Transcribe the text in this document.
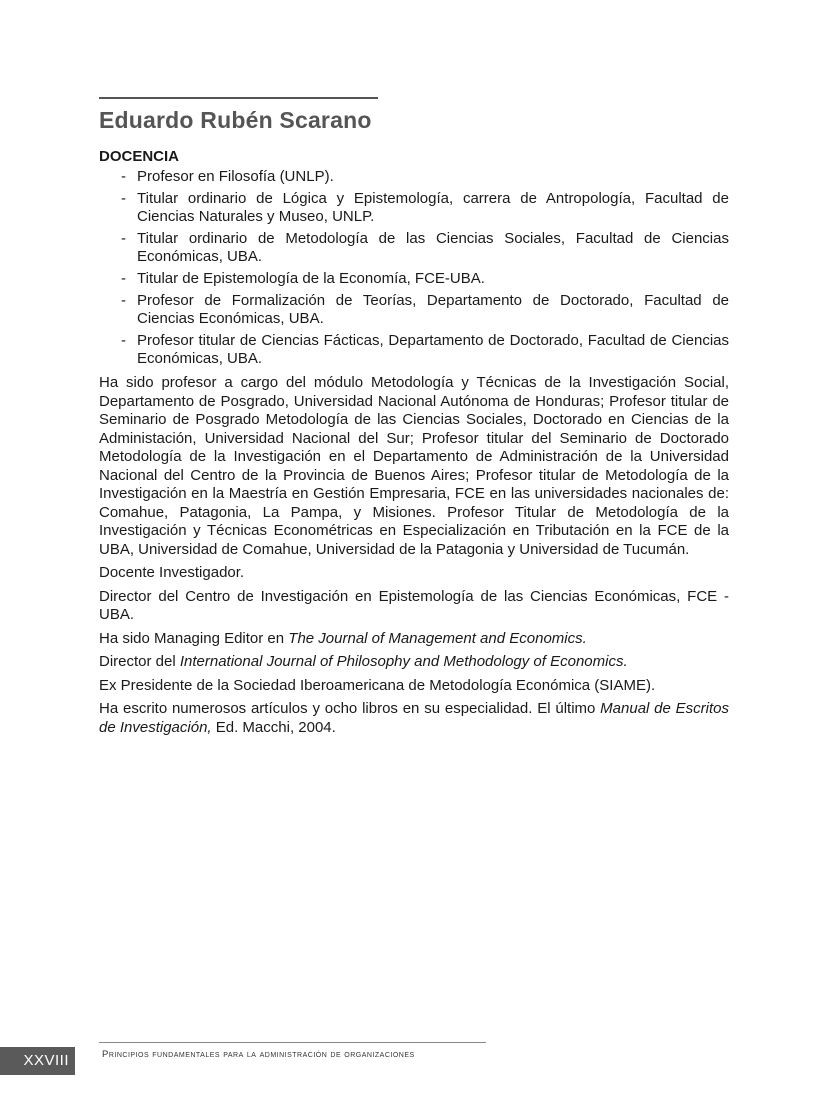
Eduardo Rubén Scarano
DOCENCIA
- Profesor en Filosofía (UNLP).
- Titular ordinario de Lógica y Epistemología, carrera de Antropología, Facultad de Ciencias Naturales y Museo, UNLP.
- Titular ordinario de Metodología de las Ciencias Sociales, Facultad de Ciencias Económicas, UBA.
- Titular de Epistemología de la Economía, FCE-UBA.
- Profesor de Formalización de Teorías, Departamento de Doctorado, Facultad de Ciencias Económicas, UBA.
- Profesor titular de Ciencias Fácticas, Departamento de Doctorado, Facultad de Ciencias Económicas, UBA.

Ha sido profesor a cargo del módulo Metodología y Técnicas de la Investigación Social, Departamento de Posgrado, Universidad Nacional Autónoma de Honduras; Profesor titular de Seminario de Posgrado Metodología de las Ciencias Sociales, Doctorado en Ciencias de la Administación, Universidad Nacional del Sur; Profesor titular del Seminario de Doctorado Metodología de la Investigación en el Departamento de Administración de la Universidad Nacional del Centro de la Provincia de Buenos Aires; Profesor titular de Metodología de la Investigación en la Maestría en Gestión Empresaria, FCE en las universidades nacionales de: Comahue, Patagonia, La Pampa, y Misiones. Profesor Titular de Metodología de la Investigación y Técnicas Econométricas en Especialización en Tributación en la FCE de la UBA, Universidad de Comahue, Universidad de la Patagonia y Universidad de Tucumán.

Docente Investigador.

Director del Centro de Investigación en Epistemología de las Ciencias Económicas, FCE - UBA.

Ha sido Managing Editor en The Journal of Management and Economics.

Director del International Journal of Philosophy and Methodology of Economics.

Ex Presidente de la Sociedad Iberoamericana de Metodología Económica (SIAME).

Ha escrito numerosos artículos y ocho libros en su especialidad. El último Manual de Escritos de Investigación, Ed. Macchi, 2004.

XXVIII	Principios fundamentales para la administración de organizaciones
